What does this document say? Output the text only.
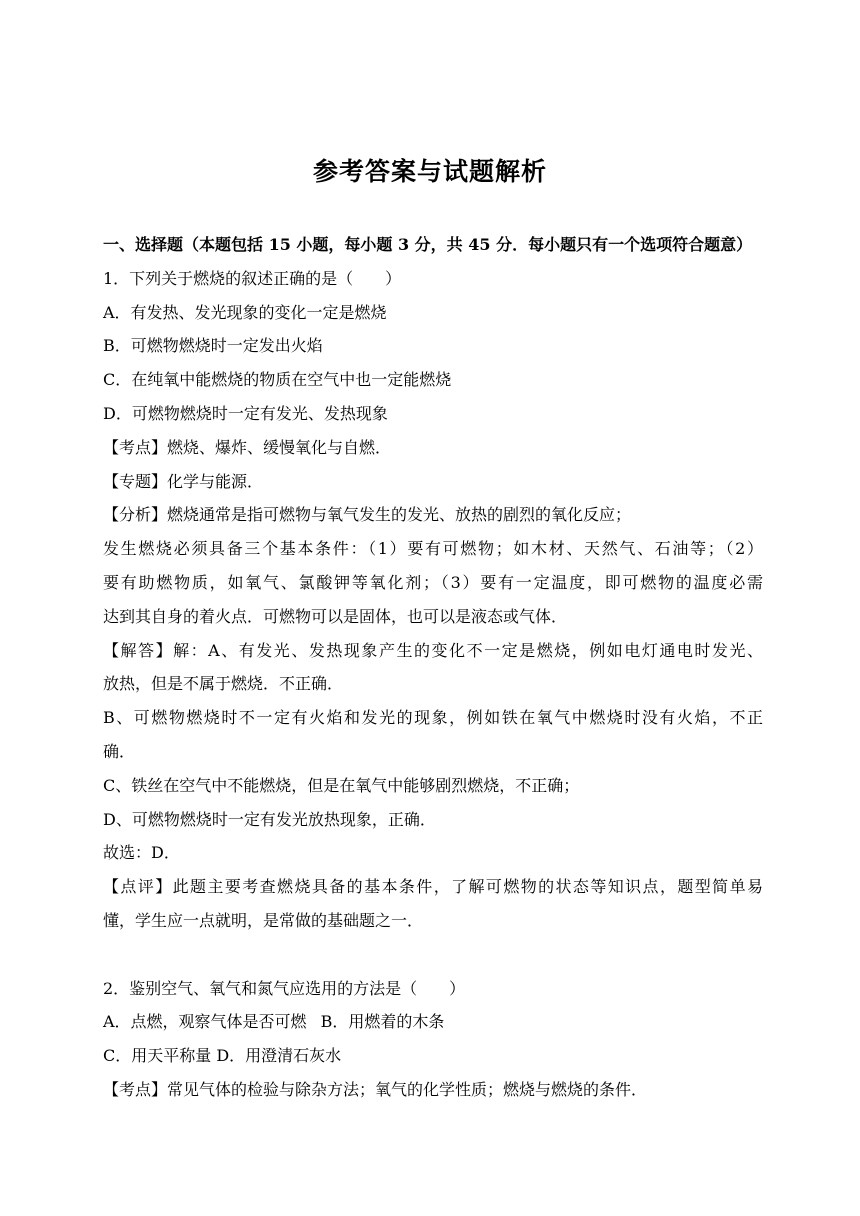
参考答案与试题解析
一、选择题（本题包括 15 小题，每小题 3 分，共 45 分．每小题只有一个选项符合题意）
1．下列关于燃烧的叙述正确的是（　　）
A．有发热、发光现象的变化一定是燃烧
B．可燃物燃烧时一定发出火焰
C．在纯氧中能燃烧的物质在空气中也一定能燃烧
D．可燃物燃烧时一定有发光、发热现象
【考点】燃烧、爆炸、缓慢氧化与自燃．
【专题】化学与能源．
【分析】燃烧通常是指可燃物与氧气发生的发光、放热的剧烈的氧化反应；
发生燃烧必须具备三个基本条件：（1）要有可燃物；如木材、天然气、石油等；（2）
要有助燃物质，如氧气、氯酸钾等氧化剂；（3）要有一定温度，即可燃物的温度必需
达到其自身的着火点．可燃物可以是固体，也可以是液态或气体．
【解答】解：A、有发光、发热现象产生的变化不一定是燃烧，例如电灯通电时发光、
放热，但是不属于燃烧．不正确．
B、可燃物燃烧时不一定有火焰和发光的现象，例如铁在氧气中燃烧时没有火焰，不正
确．
C、铁丝在空气中不能燃烧，但是在氧气中能够剧烈燃烧，不正确；
D、可燃物燃烧时一定有发光放热现象，正确．
故选：D．
【点评】此题主要考查燃烧具备的基本条件，了解可燃物的状态等知识点，题型简单易
懂，学生应一点就明，是常做的基础题之一．
2．鉴别空气、氧气和氮气应选用的方法是（　　）
A．点燃，观察气体是否可燃 B．用燃着的木条
C．用天平称量 D．用澄清石灰水
【考点】常见气体的检验与除杂方法；氧气的化学性质；燃烧与燃烧的条件．
